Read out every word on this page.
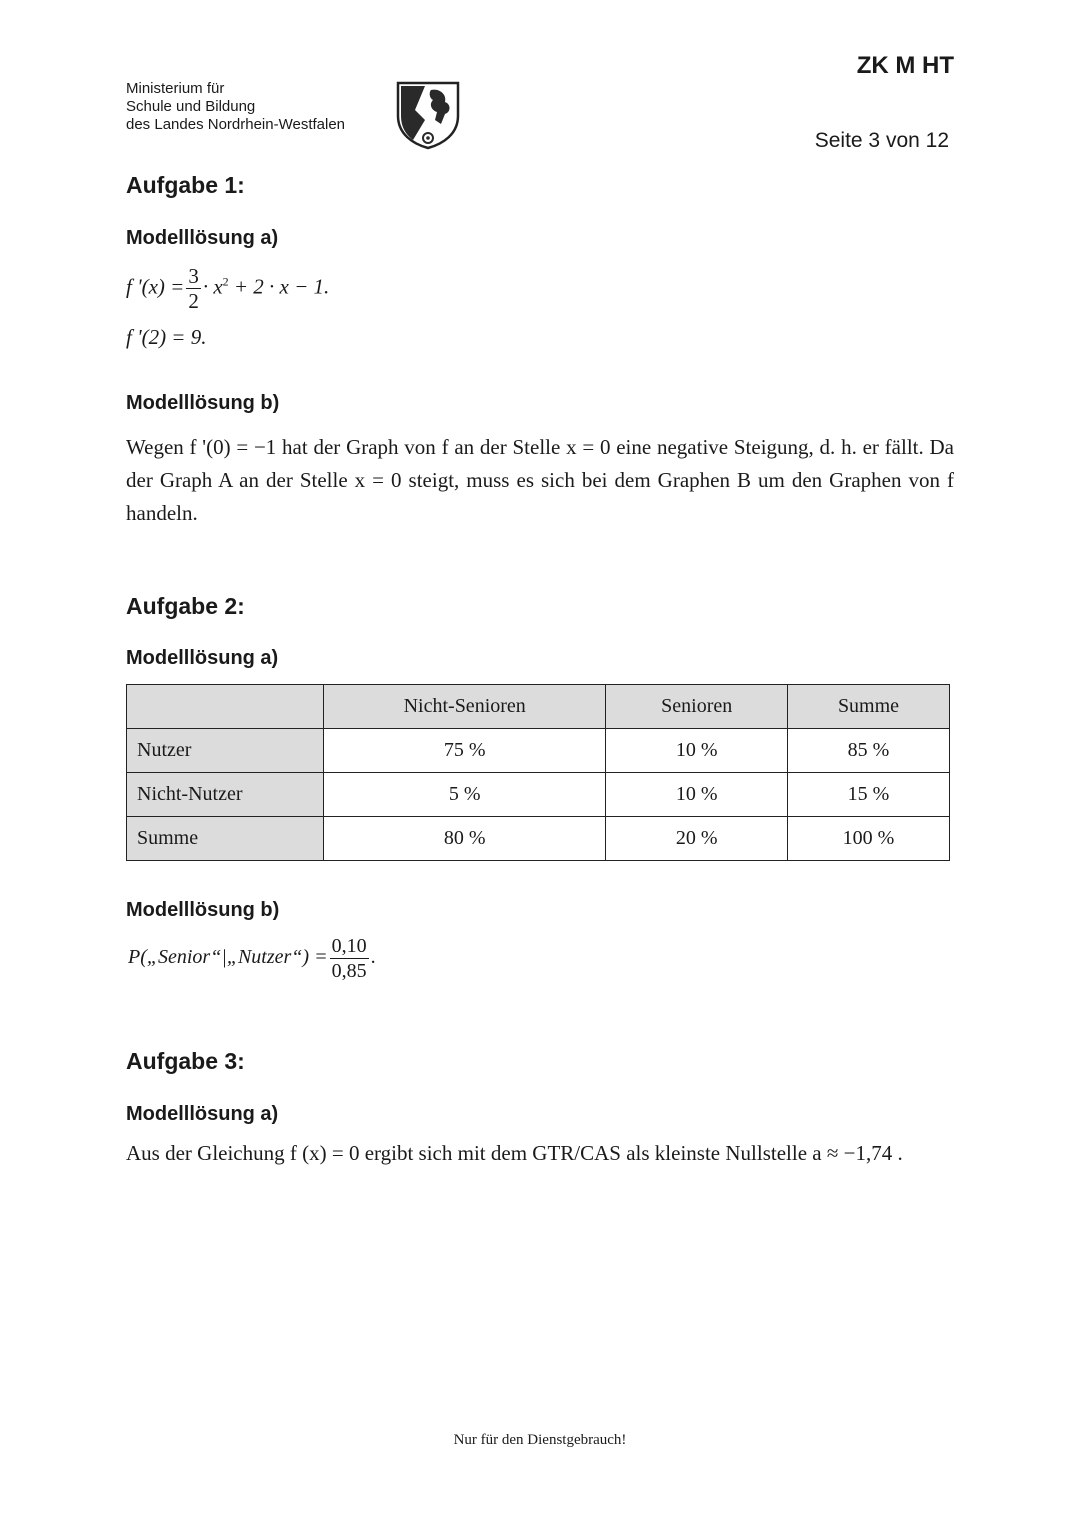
Ministerium für
Schule und Bildung
des Landes Nordrhein-Westfalen
ZK M HT
Seite 3 von 12
Aufgabe 1:
Modelllösung a)
f '$(x) = \frac{3}{2} \cdot x^2 + 2 \cdot x - 1$.
f '(2) = 9.
Modelllösung b)
Wegen f '(0) = −1 hat der Graph von f an der Stelle x = 0 eine negative Steigung, d. h. er fällt. Da der Graph A an der Stelle x = 0 steigt, muss es sich bei dem Graphen B um den Graphen von f handeln.
Aufgabe 2:
Modelllösung a)
	Nicht-Senioren	Senioren	Summe
Nutzer	75 %	10 %	85 %
Nicht-Nutzer	5 %	10 %	15 %
Summe	80 %	20 %	100 %
Modelllösung b)
P(„Senior“|„Nutzer“) = $\frac{0,10}{0,85}$ .
Aufgabe 3:
Modelllösung a)
Aus der Gleichung f (x) = 0 ergibt sich mit dem GTR/CAS als kleinste Nullstelle a ≈ −1,74 .
Nur für den Dienstgebrauch!
